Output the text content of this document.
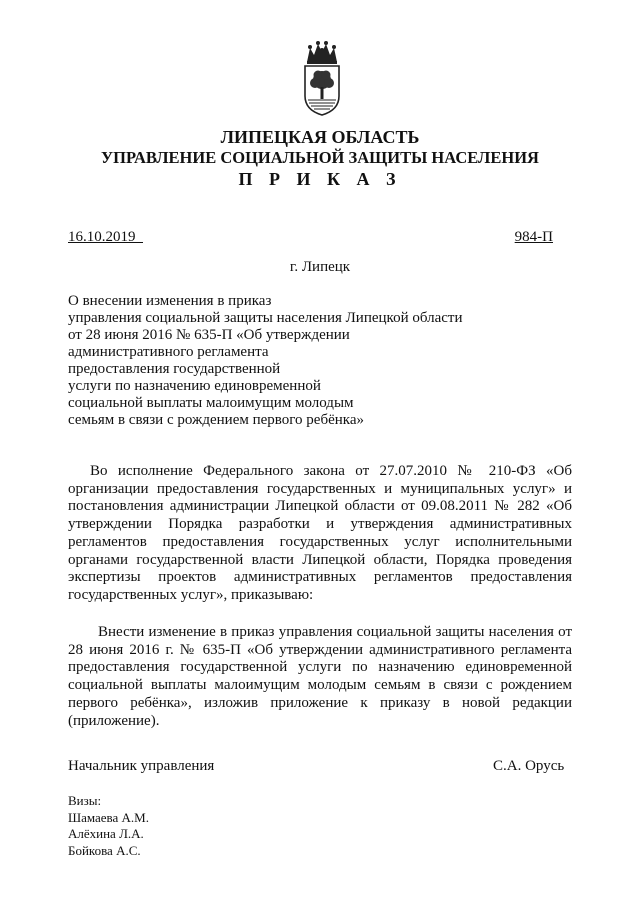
ЛИПЕЦКАЯ ОБЛАСТЬ
УПРАВЛЕНИЕ СОЦИАЛЬНОЙ ЗАЩИТЫ НАСЕЛЕНИЯ
П Р И К А З
16.10.2019	984-П
г. Липецк
О внесении изменения в приказ
управления социальной защиты населения Липецкой области
от 28 июня 2016 № 635-П «Об утверждении
административного регламента
предоставления государственной
услуги по назначению единовременной
социальной выплаты малоимущим молодым
семьям в связи с рождением первого ребёнка»

Во исполнение Федерального закона от 27.07.2010 № 210-ФЗ «Об организации предоставления государственных и муниципальных услуг» и постановления администрации Липецкой области от 09.08.2011 № 282 «Об утверждении Порядка разработки и утверждения административных регламентов предоставления государственных услуг исполнительными органами государственной власти Липецкой области, Порядка проведения экспертизы проектов административных регламентов предоставления государственных услуг», приказываю:

Внести изменение в приказ управления социальной защиты населения от 28 июня 2016 г. № 635-П «Об утверждении административного регламента предоставления государственной услуги по назначению единовременной социальной выплаты малоимущим молодым семьям в связи с рождением первого ребёнка», изложив приложение к приказу в новой редакции (приложение).

Начальник управления	С.А. Орусь
Визы:
Шамаева А.М.
Алёхина Л.А.
Бойкова А.С.
